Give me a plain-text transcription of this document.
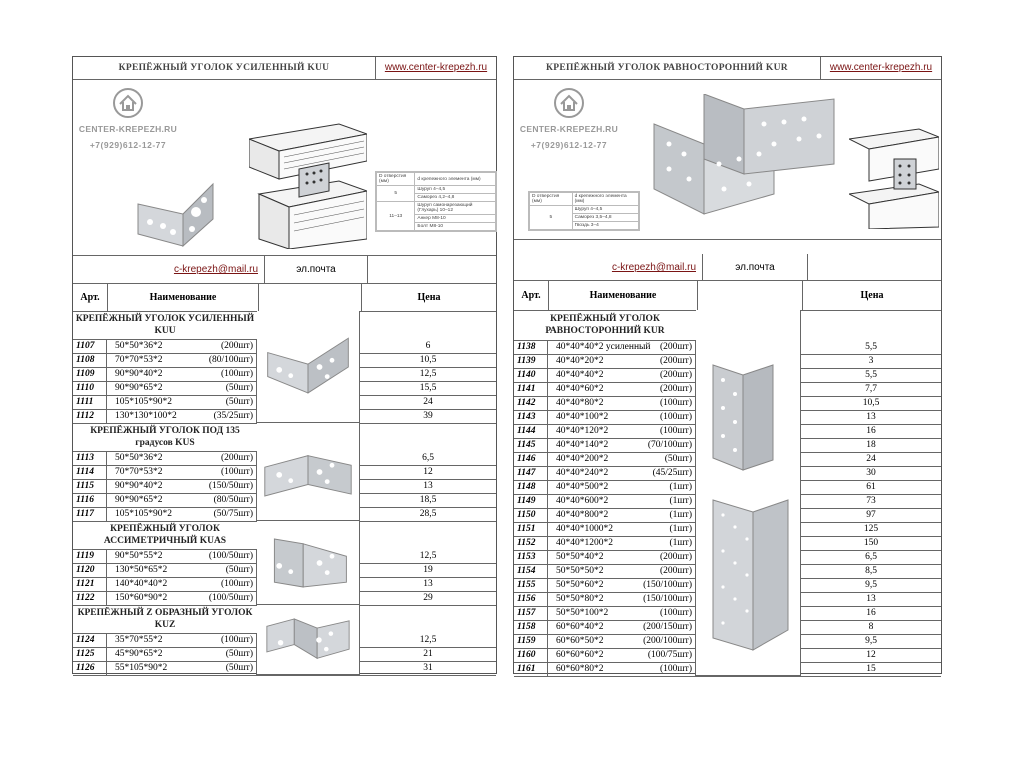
КРЕПЁЖНЫЙ УГОЛОК УСИЛЕННЫЙ KUU	www.center-krepezh.ru
CENTER-KREPEZH.RU
+7(929)612-12-77
D отверстия (мм)	d крепежного элемента (мм)
5	Шуруп 4–4,5
	Саморез 4,2–4,8
11–13	Шуруп самонарезающий (Глухарь) 10–12
	Анкер М8-10
	Болт М8-10
c-krepezh@mail.ru	эл.почта
Арт.	Наименование	Цена
КРЕПЁЖНЫЙ УГОЛОК УСИЛЕННЫЙ KUU
1107	50*50*36*2	(200шт)	6
1108	70*70*53*2	(80/100шт)	10,5
1109	90*90*40*2	(100шт)	12,5
1110	90*90*65*2	(50шт)	15,5
1111	105*105*90*2	(50шт)	24
1112	130*130*100*2	(35/25шт)	39
КРЕПЁЖНЫЙ УГОЛОК ПОД 135 градусов KUS
1113	50*50*36*2	(200шт)	6,5
1114	70*70*53*2	(100шт)	12
1115	90*90*40*2	(150/50шт)	13
1116	90*90*65*2	(80/50шт)	18,5
1117	105*105*90*2	(50/75шт)	28,5
КРЕПЁЖНЫЙ УГОЛОК АССИМЕТРИЧНЫЙ KUAS
1119	90*50*55*2	(100/50шт)	12,5
1120	130*50*65*2	(50шт)	19
1121	140*40*40*2	(100шт)	13
1122	150*60*90*2	(100/50шт)	29
КРЕПЁЖНЫЙ Z ОБРАЗНЫЙ УГОЛОК KUZ
1124	35*70*55*2	(100шт)	12,5
1125	45*90*65*2	(50шт)	21
1126	55*105*90*2	(50шт)	31
КРЕПЁЖНЫЙ УГОЛОК РАВНОСТОРОННИЙ KUR	www.center-krepezh.ru
CENTER-KREPEZH.RU
+7(929)612-12-77
D отверстия (мм)	d крепежного элемента (мм)
5	Шуруп 4–4,5
	Саморез 3,5–4,8
	Гвоздь 3–4
c-krepezh@mail.ru	эл.почта
Арт.	Наименование	Цена
КРЕПЁЖНЫЙ УГОЛОК РАВНОСТОРОННИЙ KUR
1138	40*40*40*2 усиленный (200шт)	5,5
1139	40*40*20*2	(200шт)	3
1140	40*40*40*2	(200шт)	5,5
1141	40*40*60*2	(200шт)	7,7
1142	40*40*80*2	(100шт)	10,5
1143	40*40*100*2	(100шт)	13
1144	40*40*120*2	(100шт)	16
1145	40*40*140*2	(70/100шт)	18
1146	40*40*200*2	(50шт)	24
1147	40*40*240*2	(45/25шт)	30
1148	40*40*500*2	(1шт)	61
1149	40*40*600*2	(1шт)	73
1150	40*40*800*2	(1шт)	97
1151	40*40*1000*2	(1шт)	125
1152	40*40*1200*2	(1шт)	150
1153	50*50*40*2	(200шт)	6,5
1154	50*50*50*2	(200шт)	8,5
1155	50*50*60*2	(150/100шт)	9,5
1156	50*50*80*2	(150/100шт)	13
1157	50*50*100*2	(100шт)	16
1158	60*60*40*2	(200/150шт)	8
1159	60*60*50*2	(200/100шт)	9,5
1160	60*60*60*2	(100/75шт)	12
1161	60*60*80*2	(100шт)	15
